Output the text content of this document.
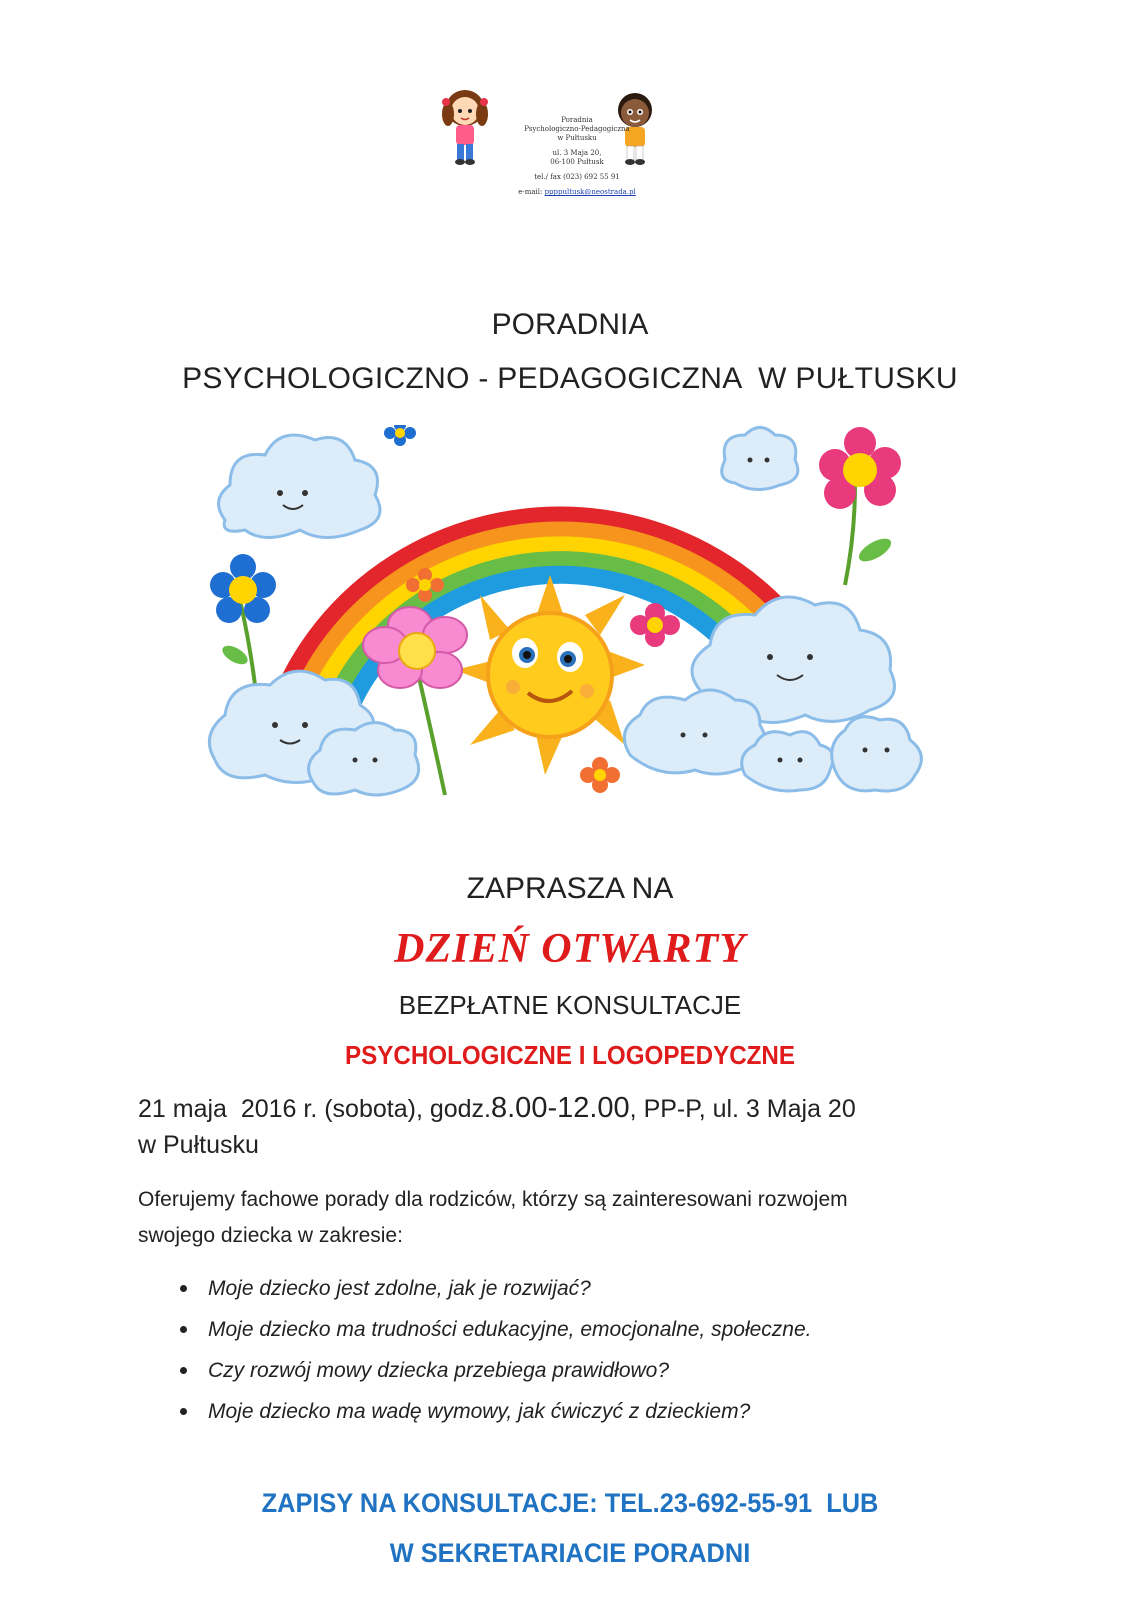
Poradnia
Psychologiczno-Pedagogiczna
w Pułtusku
ul. 3 Maja 20,
06-100 Pułtusk
tel./ fax (023) 692 55 91
e-mail: ppppultusk@neostrada.pl
PORADNIA
PSYCHOLOGICZNO - PEDAGOGICZNA  W PUŁTUSKU
ZAPRASZA NA
DZIEŃ OTWARTY
BEZPŁATNE KONSULTACJE
PSYCHOLOGICZNE I LOGOPEDYCZNE
21 maja  2016 r. (sobota), godz.8.00-12.00, PP-P, ul. 3 Maja 20
w Pułtusku
Oferujemy fachowe porady dla rodziców, którzy są zainteresowani rozwojem
swojego dziecka w zakresie:
Moje dziecko jest zdolne, jak je rozwijać?
Moje dziecko ma trudności edukacyjne, emocjonalne, społeczne.
Czy rozwój mowy dziecka przebiega prawidłowo?
Moje dziecko ma wadę wymowy, jak ćwiczyć z dzieckiem?
ZAPISY NA KONSULTACJE: TEL.23-692-55-91  LUB
W SEKRETARIACIE PORADNI
